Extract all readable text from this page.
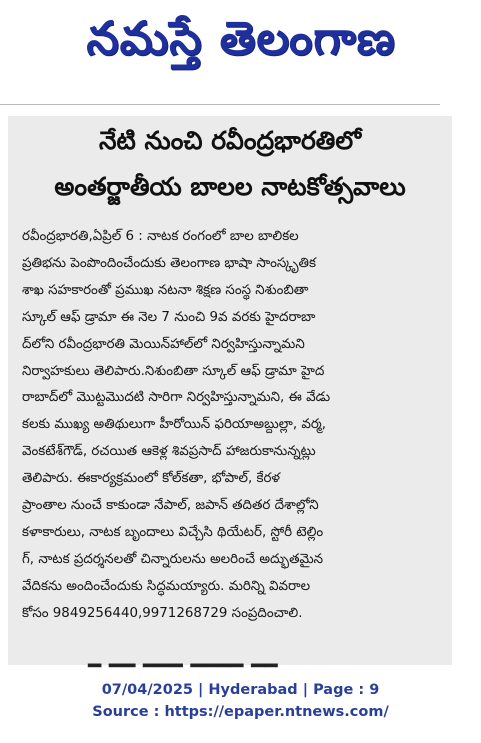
నమస్తే తెలంగాణ
నేటి నుంచి రవీంద్రభారతిలో
అంతర్జాతీయ బాలల నాటకోత్సవాలు
రవీంద్రభారతి,ఏప్రిల్ 6 : నాటక రంగంలో బాల బాలికల
ప్రతిభను పెంపొందించేందుకు తెలంగాణ భాషా సాంస్కృతిక
శాఖ సహకారంతో ప్రముఖ నటనా శిక్షణ సంస్థ నిశుంబితా
స్కూల్ ఆఫ్ డ్రామా ఈ నెల 7 నుంచి 9వ వరకు హైదరాబా
ద్‌లోని రవీంద్రభారతి మెయిన్‌హాల్‌లో నిర్వహిస్తున్నామని
నిర్వాహకులు తెలిపారు.నిశుంబితా స్కూల్ ఆఫ్ డ్రామా హైద
రాబాద్‌లో మొట్టమొదటి సారిగా నిర్వహిస్తున్నామని, ఈ వేడు
కలకు ముఖ్య అతిథులుగా హీరోయిన్ ఫరియాఅబ్దుల్లా, వర్మ,
వెంకటేశ్‌గౌడ్, రచయిత ఆకెళ్ల శివప్రసాద్ హాజరుకానున్నట్లు
తెలిపారు. ఈకార్యక్రమంలో కోల్‌కతా, భోపాల్, కేరళ
ప్రాంతాల నుంచే కాకుండా నేపాల్, జపాన్ తదితర దేశాల్లోని
కళాకారులు, నాటక బృందాలు విచ్చేసి థియేటర్, స్టోరీ టెల్లిం
గ్, నాటక ప్రదర్శనలతో చిన్నారులను అలరించే అద్భుతమైన
వేదికను అందించేందుకు సిద్ధమయ్యారు. మరిన్ని వివరాల
కోసం 9849256440,9971268729 సంప్రదించాలి.
━ ━━ ━━━ ━━━━ ━━
07/04/2025 | Hyderabad | Page : 9
Source : https://epaper.ntnews.com/
